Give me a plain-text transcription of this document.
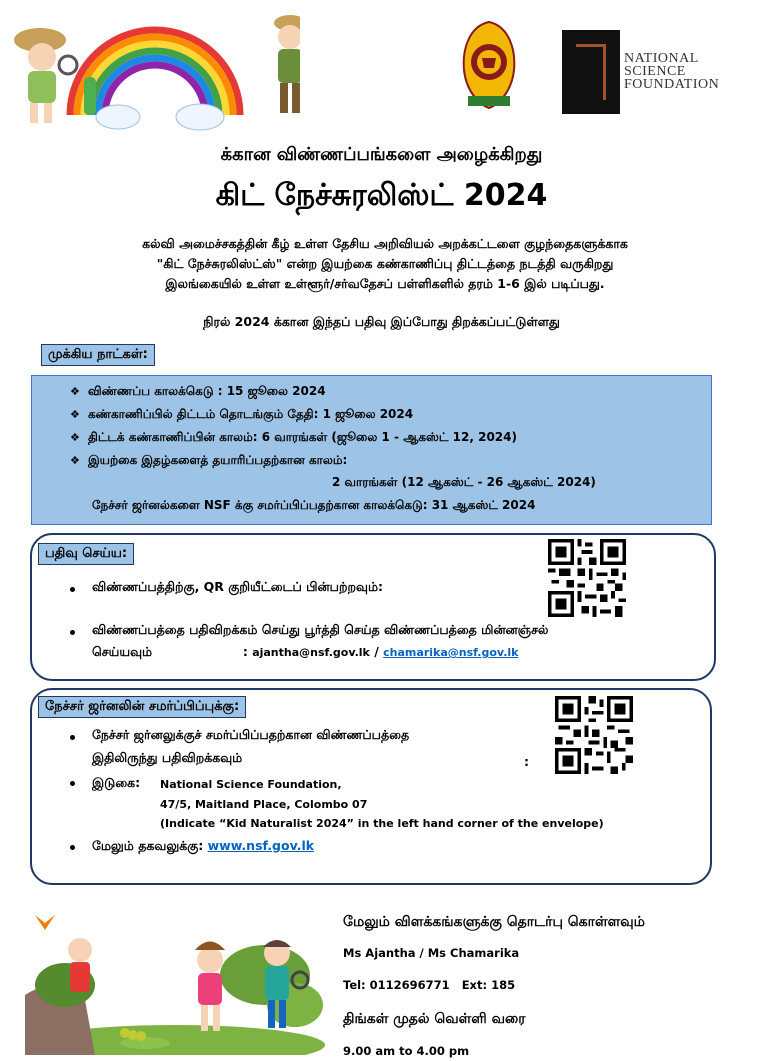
NATIONAL
SCIENCE
FOUNDATION
க்கான விண்ணப்பங்களை அழைக்கிறது
கிட் நேச்சுரலிஸ்ட் 2024
கல்வி அமைச்சகத்தின் கீழ் உள்ள தேசிய அறிவியல் அறக்கட்டளை குழந்தைகளுக்காக
"கிட் நேச்சுரலிஸ்ட்ஸ்" என்ற இயற்கை கண்காணிப்பு திட்டத்தை நடத்தி வருகிறது
இலங்கையில் உள்ள உள்ளூர்/சர்வதேசப் பள்ளிகளில் தரம் 1-6 இல் படிப்பது.
நிரல் 2024 க்கான இந்தப் பதிவு இப்போது திறக்கப்பட்டுள்ளது
முக்கிய நாட்கள்:
❖ விண்ணப்ப காலக்கெடு : 15 ஜூலை 2024
❖ கண்காணிப்பில் திட்டம் தொடங்கும் தேதி: 1 ஜூலை 2024
❖ திட்டக் கண்காணிப்பின் காலம்: 6 வாரங்கள் (ஜூலை 1 - ஆகஸ்ட் 12, 2024)
❖ இயற்கை இதழ்களைத் தயாரிப்பதற்கான காலம்:
2 வாரங்கள் (12 ஆகஸ்ட் - 26 ஆகஸ்ட் 2024)
நேச்சர் ஜர்னல்களை NSF க்கு சமர்ப்பிப்பதற்கான காலக்கெடு: 31 ஆகஸ்ட் 2024
பதிவு செய்ய:
விண்ணப்பத்திற்கு, QR குறியீட்டைப் பின்பற்றவும்:
விண்ணப்பத்தை பதிவிறக்கம் செய்து பூர்த்தி செய்த விண்ணப்பத்தை மின்னஞ்சல்
செய்யவும்	: ajantha@nsf.gov.lk / chamarika@nsf.gov.lk
நேச்சர் ஜர்னலின் சமர்ப்பிப்புக்கு:
நேச்சர் ஜர்னலுக்குச் சமர்ப்பிப்பதற்கான விண்ணப்பத்தை
இதிலிருந்து பதிவிறக்கவும்	:
இடுகை: National Science Foundation,
47/5, Maitland Place, Colombo 07
(Indicate “Kid Naturalist 2024” in the left hand corner of the envelope)
மேலும் தகவலுக்கு: www.nsf.gov.lk
மேலும் விளக்கங்களுக்கு தொடர்பு கொள்ளவும்
Ms Ajantha / Ms Chamarika
Tel: 0112696771   Ext: 185
திங்கள் முதல் வெள்ளி வரை
9.00 am to 4.00 pm
